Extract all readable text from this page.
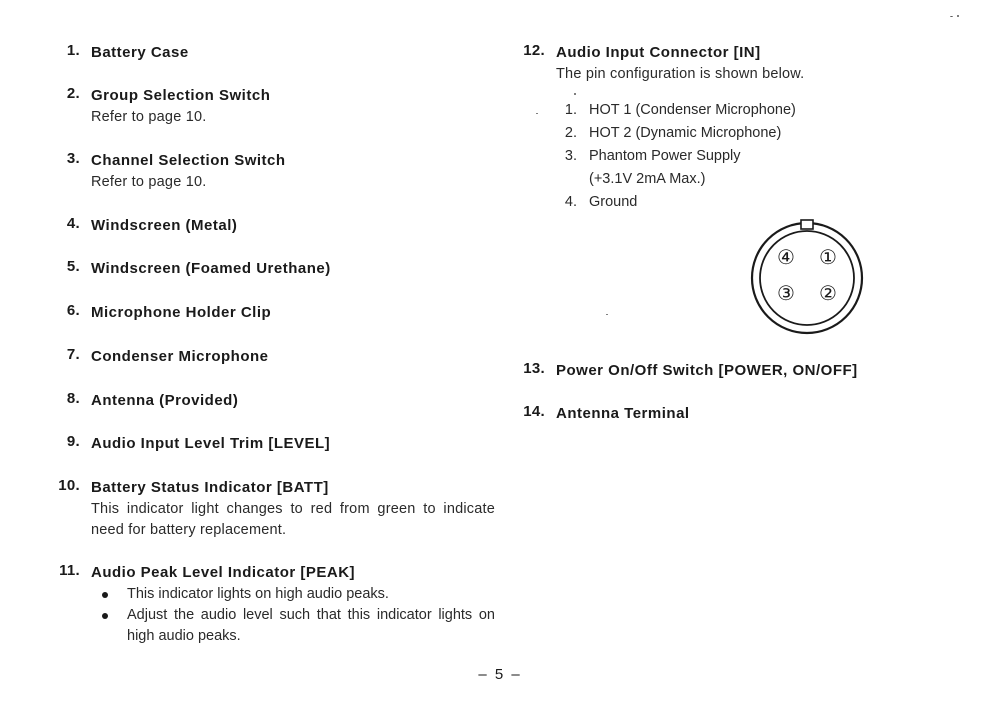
1. Battery Case
2. Group Selection Switch
Refer to page 10.
3. Channel Selection Switch
Refer to page 10.
4. Windscreen (Metal)
5. Windscreen (Foamed Urethane)
6. Microphone Holder Clip
7. Condenser Microphone
8. Antenna (Provided)
9. Audio Input Level Trim [LEVEL]
10. Battery Status Indicator [BATT]
This indicator light changes to red from green to indicate need for battery replacement.
11. Audio Peak Level Indicator [PEAK]
This indicator lights on high audio peaks.
Adjust the audio level such that this indicator lights on high audio peaks.
12. Audio Input Connector [IN]
The pin configuration is shown below.
1. HOT 1 (Condenser Microphone)
2. HOT 2 (Dynamic Microphone)
3. Phantom Power Supply
(+3.1V 2mA Max.)
4. Ground
④ ①
③ ②
13. Power On/Off Switch [POWER, ON/OFF]
14. Antenna Terminal
– 5 –
